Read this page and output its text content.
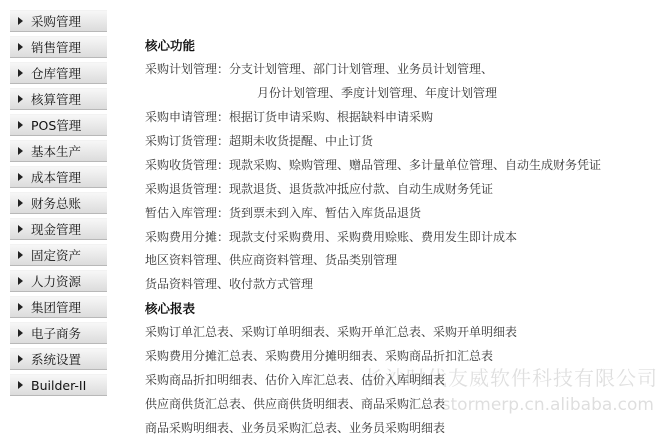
采购管理
销售管理
仓库管理
核算管理
POS管理
基本生产
成本管理
财务总账
现金管理
固定资产
人力资源
集团管理
电子商务
系统设置
Builder-II
核心功能
采购计划管理：分支计划管理、部门计划管理、业务员计划管理、
月份计划管理、季度计划管理、年度计划管理
采购申请管理：根据订货申请采购、根据缺料申请采购
采购订货管理：超期未收货提醒、中止订货
采购收货管理：现款采购、赊购管理、赠品管理、多计量单位管理、自动生成财务凭证
采购退货管理：现款退货、退货款冲抵应付款、自动生成财务凭证
暂估入库管理：货到票未到入库、暂估入库货品退货
采购费用分摊：现款支付采购费用、采购费用赊账、费用发生即计成本
地区资料管理、供应商资料管理、货品类别管理
货品资料管理、收付款方式管理
核心报表
采购订单汇总表、采购订单明细表、采购开单汇总表、采购开单明细表
采购费用分摊汇总表、采购费用分摊明细表、采购商品折扣汇总表
采购商品折扣明细表、估价入库汇总表、估价入库明细表
供应商供货汇总表、供应商供货明细表、商品采购汇总表
商品采购明细表、业务员采购汇总表、业务员采购明细表
长沙时代友威软件科技有限公司
stormerp.cn.alibaba.com
